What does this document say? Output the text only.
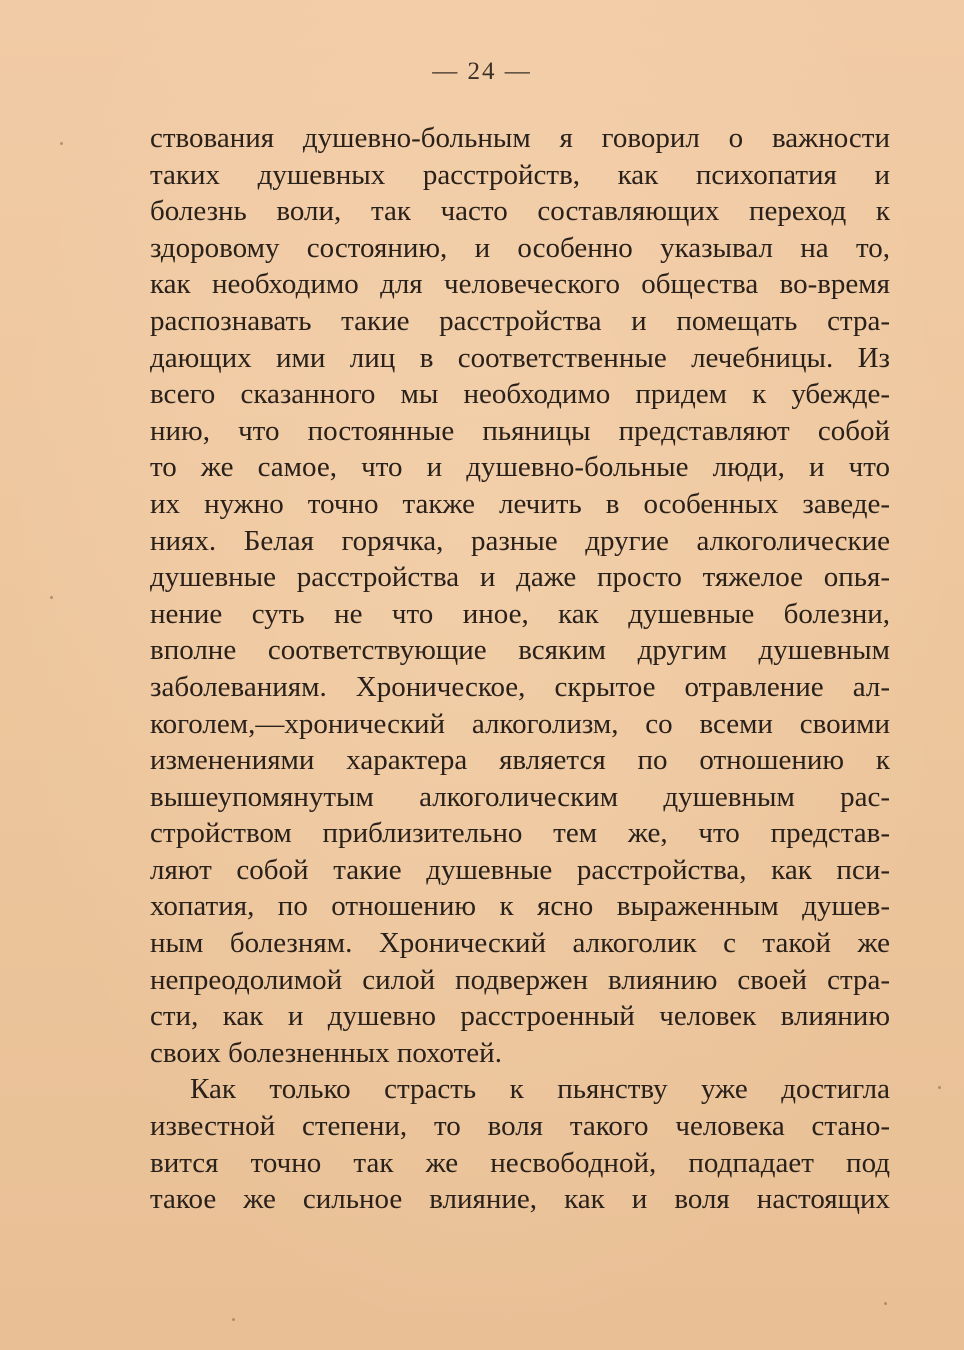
— 24 —
ствования душевно-больным я говорил о важности
таких душевных расстройств, как психопатия и
болезнь воли, так часто составляющих переход к
здоровому состоянию, и особенно указывал на то,
как необходимо для человеческого общества во-время
распознавать такие расстройства и помещать стра-
дающих ими лиц в соответственные лечебницы. Из
всего сказанного мы необходимо придем к убежде-
нию, что постоянные пьяницы представляют собой
то же самое, что и душевно-больные люди, и что
их нужно точно также лечить в особенных заведе-
ниях. Белая горячка, разные другие алкоголические
душевные расстройства и даже просто тяжелое опья-
нение суть не что иное, как душевные болезни,
вполне соответствующие всяким другим душевным
заболеваниям. Хроническое, скрытое отравление ал-
коголем,—хронический алкоголизм, со всеми своими
изменениями характера является по отношению к
вышеупомянутым алкоголическим душевным рас-
стройством приблизительно тем же, что представ-
ляют собой такие душевные расстройства, как пси-
хопатия, по отношению к ясно выраженным душев-
ным болезням. Хронический алкоголик с такой же
непреодолимой силой подвержен влиянию своей стра-
сти, как и душевно расстроенный человек влиянию
своих болезненных похотей.
Как только страсть к пьянству уже достигла
известной степени, то воля такого человека стано-
вится точно так же несвободной, подпадает под
такое же сильное влияние, как и воля настоящих
